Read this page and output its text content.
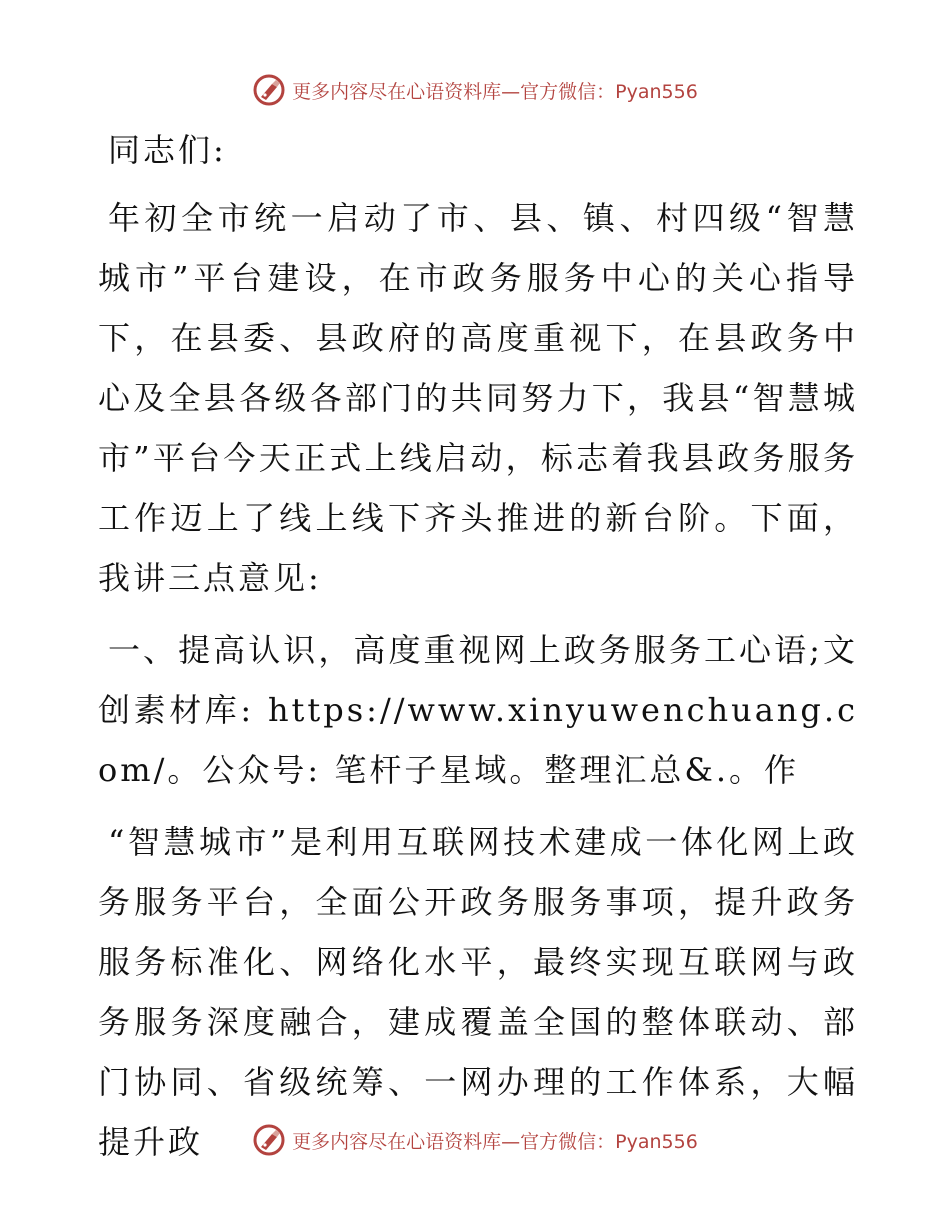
更多内容尽在心语资料库—官方微信：Pyan556

同志们:

年初全市统一启动了市、县、镇、村四级“智慧城市”平台建设，在市政务服务中心的关心指导下，在县委、县政府的高度重视下，在县政务中心及全县各级各部门的共同努力下，我县“智慧城市”平台今天正式上线启动，标志着我县政务服务工作迈上了线上线下齐头推进的新台阶。下面，我讲三点意见:

一、提高认识，高度重视网上政务服务工心语;文创素材库: https://www.xinyuwenchuang.com/。公众号: 笔杆子星域。整理汇总&.。作

“智慧城市”是利用互联网技术建成一体化网上政务服务平台，全面公开政务服务事项，提升政务服务标准化、网络化水平，最终实现互联网与政务服务深度融合，建成覆盖全国的整体联动、部门协同、省级统筹、一网办理的工作体系，大幅提升政	更多内容尽在心语资料库—官方微信：Pyan556
